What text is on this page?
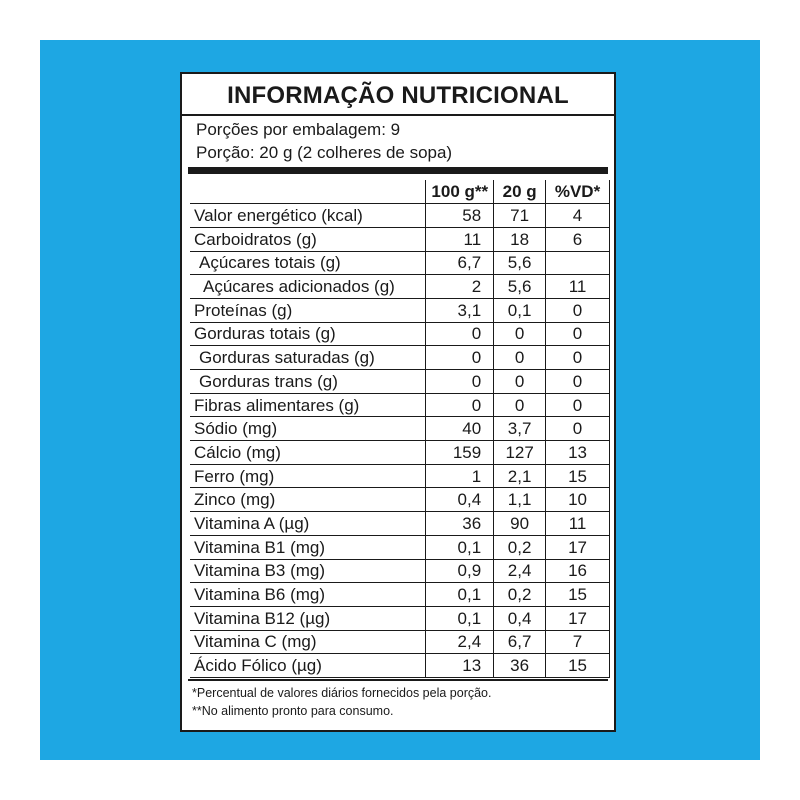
INFORMAÇÃO NUTRICIONAL
Porções por embalagem: 9
Porção: 20 g (2 colheres de sopa)
	100 g**	20 g	%VD*
Valor energético (kcal)	58	71	4
Carboidratos (g)	11	18	6
Açúcares totais (g)	6,7	5,6	
Açúcares adicionados (g)	2	5,6	11
Proteínas (g)	3,1	0,1	0
Gorduras totais (g)	0	0	0
Gorduras saturadas (g)	0	0	0
Gorduras trans (g)	0	0	0
Fibras alimentares (g)	0	0	0
Sódio (mg)	40	3,7	0
Cálcio (mg)	159	127	13
Ferro (mg)	1	2,1	15
Zinco (mg)	0,4	1,1	10
Vitamina A (µg)	36	90	11
Vitamina B1 (mg)	0,1	0,2	17
Vitamina B3 (mg)	0,9	2,4	16
Vitamina B6 (mg)	0,1	0,2	15
Vitamina B12 (µg)	0,1	0,4	17
Vitamina C (mg)	2,4	6,7	7
Ácido Fólico (µg)	13	36	15
*Percentual de valores diários fornecidos pela porção.
**No alimento pronto para consumo.
